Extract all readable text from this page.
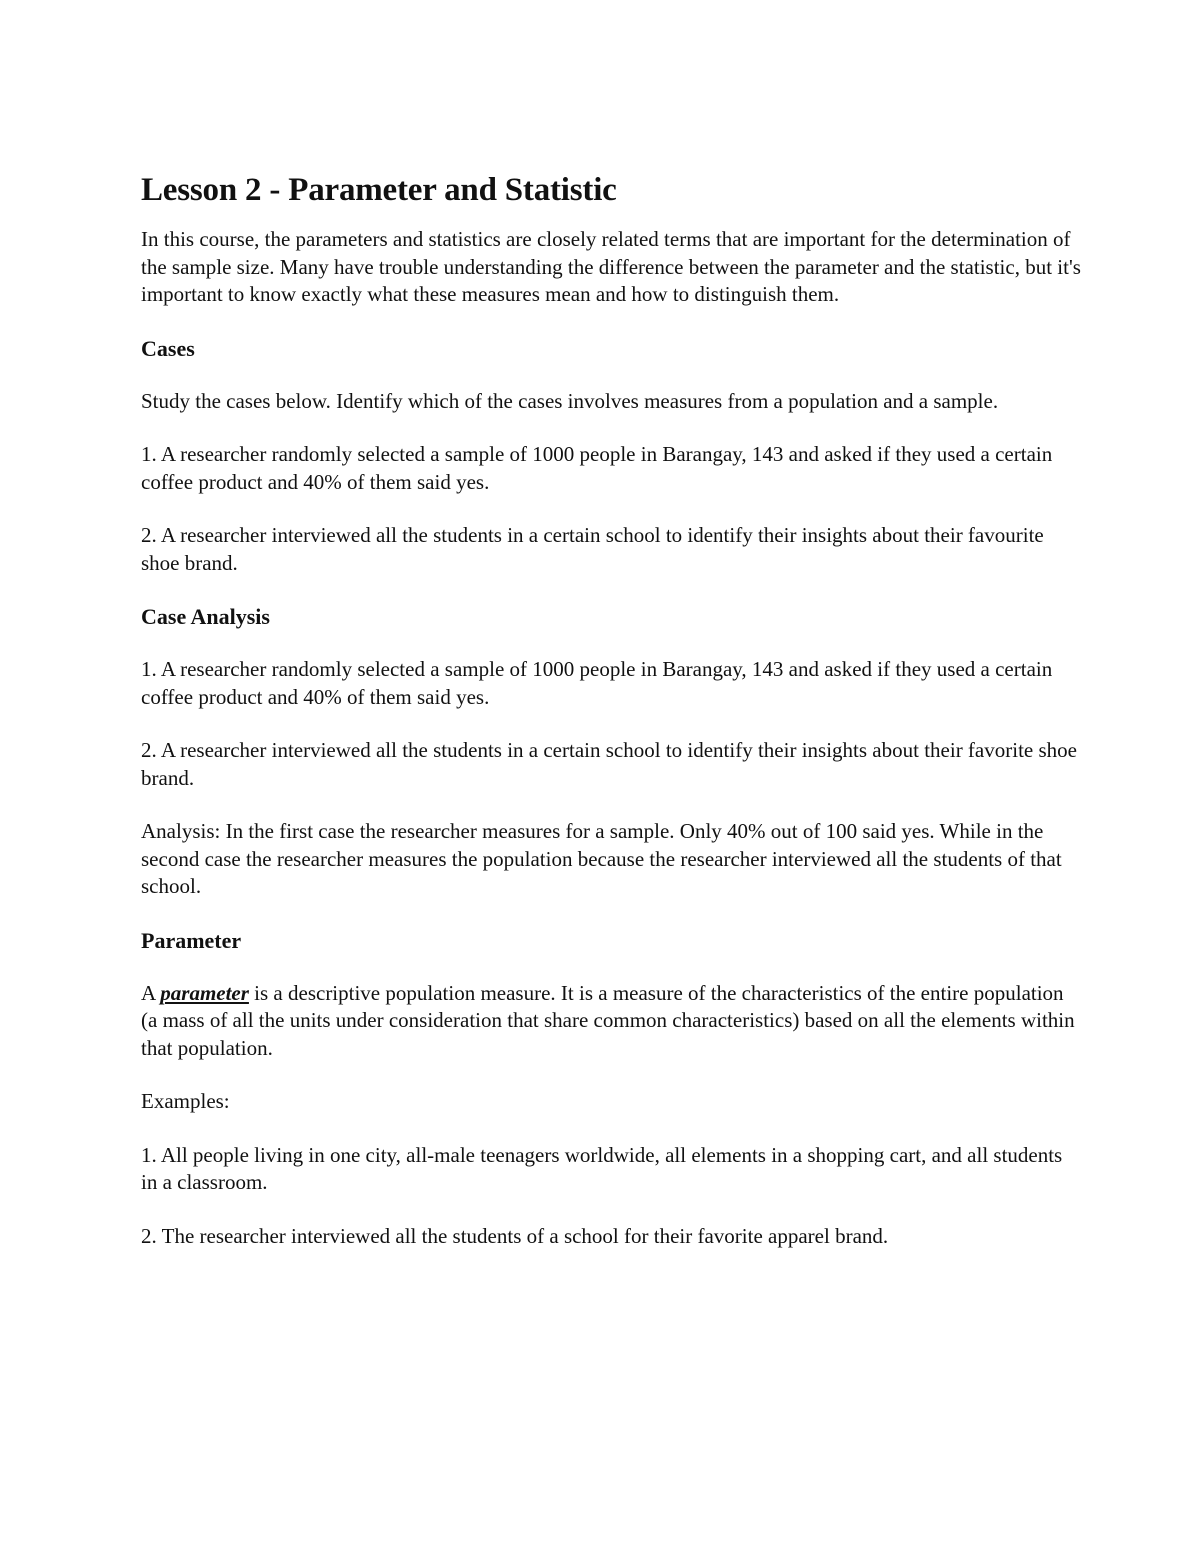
Lesson 2 - Parameter and Statistic

In this course, the parameters and statistics are closely related terms that are important for the determination of the sample size. Many have trouble understanding the difference between the parameter and the statistic, but it's important to know exactly what these measures mean and how to distinguish them.

Cases

Study the cases below. Identify which of the cases involves measures from a population and a sample.

1. A researcher randomly selected a sample of 1000 people in Barangay, 143 and asked if they used a certain coffee product and 40% of them said yes.

2. A researcher interviewed all the students in a certain school to identify their insights about their favourite shoe brand.

Case Analysis

1. A researcher randomly selected a sample of 1000 people in Barangay, 143 and asked if they used a certain coffee product and 40% of them said yes.

2. A researcher interviewed all the students in a certain school to identify their insights about their favorite shoe brand.

Analysis: In the first case the researcher measures for a sample. Only 40% out of 100 said yes. While in the second case the researcher measures the population because the researcher interviewed all the students of that school.

Parameter

A parameter is a descriptive population measure. It is a measure of the characteristics of the entire population (a mass of all the units under consideration that share common characteristics) based on all the elements within that population.

Examples:

1. All people living in one city, all-male teenagers worldwide, all elements in a shopping cart, and all students in a classroom.

2. The researcher interviewed all the students of a school for their favorite apparel brand.
